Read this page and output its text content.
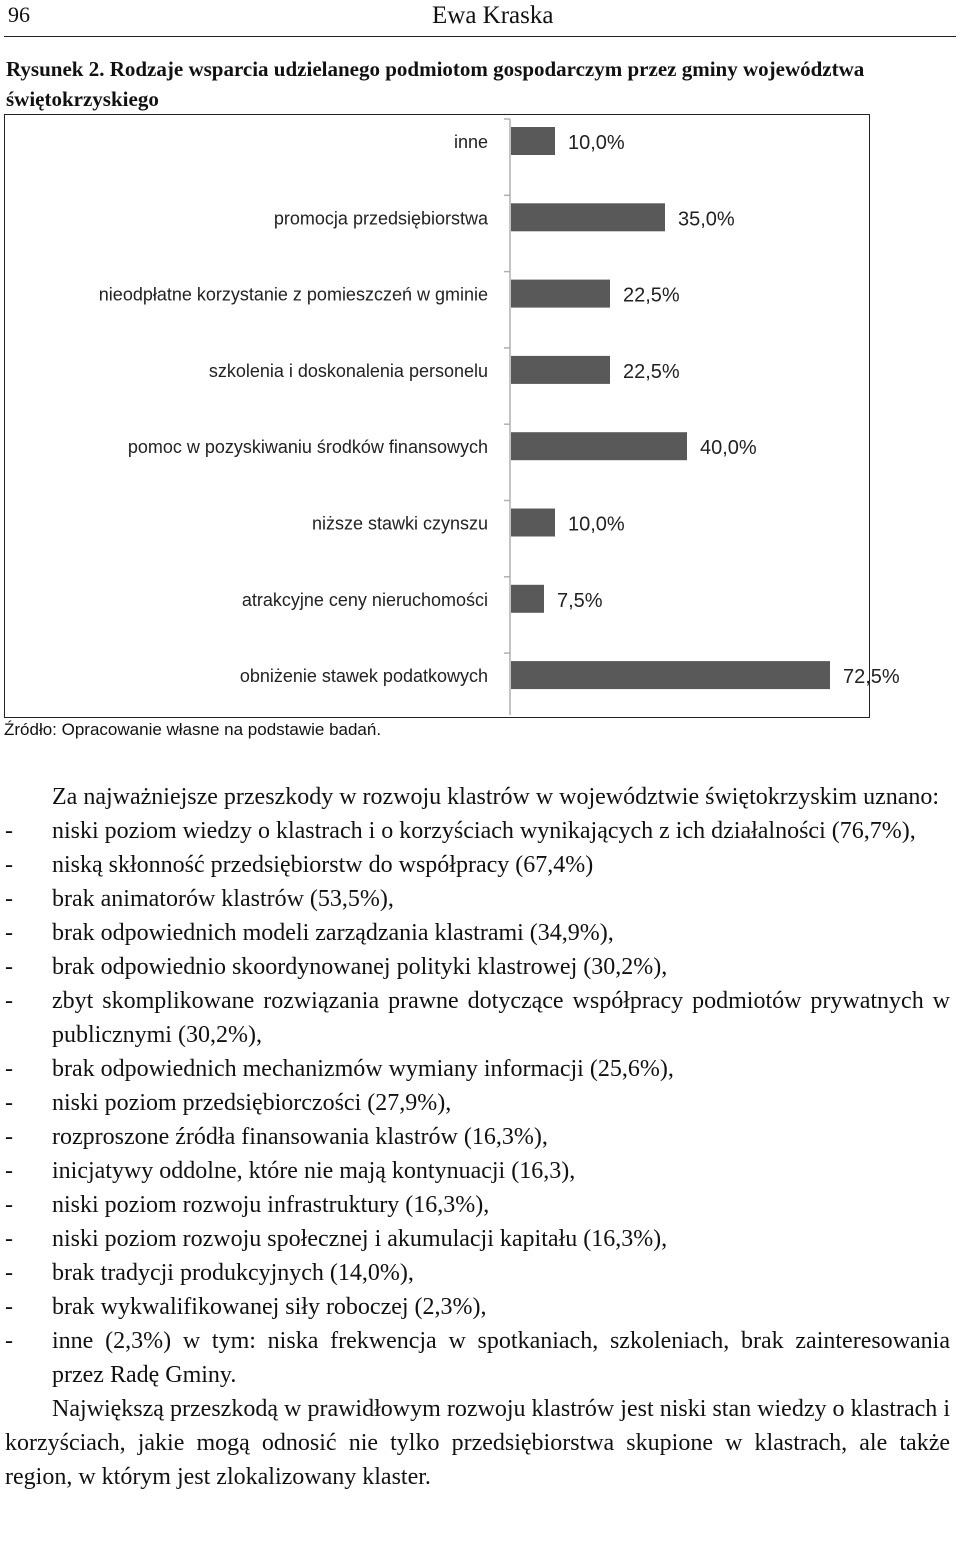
96	Ewa Kraska
Rysunek 2. Rodzaje wsparcia udzielanego podmiotom gospodarczym przez gminy województwa świętokrzyskiego
inne	10,0%
promocja przedsiębiorstwa	35,0%
nieodpłatne korzystanie z pomieszczeń w gminie	22,5%
szkolenia i doskonalenia personelu	22,5%
pomoc w pozyskiwaniu środków finansowych	40,0%
niższe stawki czynszu	10,0%
atrakcyjne ceny nieruchomości	7,5%
obniżenie stawek podatkowych	72,5%
Źródło: Opracowanie własne na podstawie badań.

Za najważniejsze przeszkody w rozwoju klastrów w województwie świętokrzyskim uznano:

-	niski poziom wiedzy o klastrach i o korzyściach wynikających z ich działalności (76,7%),
-	niską skłonność przedsiębiorstw do współpracy (67,4%)
-	brak animatorów klastrów (53,5%),
-	brak odpowiednich modeli zarządzania klastrami (34,9%),
-	brak odpowiednio skoordynowanej polityki klastrowej (30,2%),
-	zbyt skomplikowane rozwiązania prawne dotyczące współpracy podmiotów prywatnych w publicznymi (30,2%),
-	brak odpowiednich mechanizmów wymiany informacji (25,6%),
-	niski poziom przedsiębiorczości (27,9%),
-	rozproszone źródła finansowania klastrów (16,3%),
-	inicjatywy oddolne, które nie mają kontynuacji (16,3),
-	niski poziom rozwoju infrastruktury (16,3%),
-	niski poziom rozwoju społecznej i akumulacji kapitału (16,3%),
-	brak tradycji produkcyjnych (14,0%),
-	brak wykwalifikowanej siły roboczej (2,3%),
-	inne (2,3%) w tym: niska frekwencja w spotkaniach, szkoleniach, brak zainteresowania przez Radę Gminy.

Największą przeszkodą w prawidłowym rozwoju klastrów jest niski stan wiedzy o klastrach i korzyściach, jakie mogą odnosić nie tylko przedsiębiorstwa skupione w klastrach, ale także region, w którym jest zlokalizowany klaster.
